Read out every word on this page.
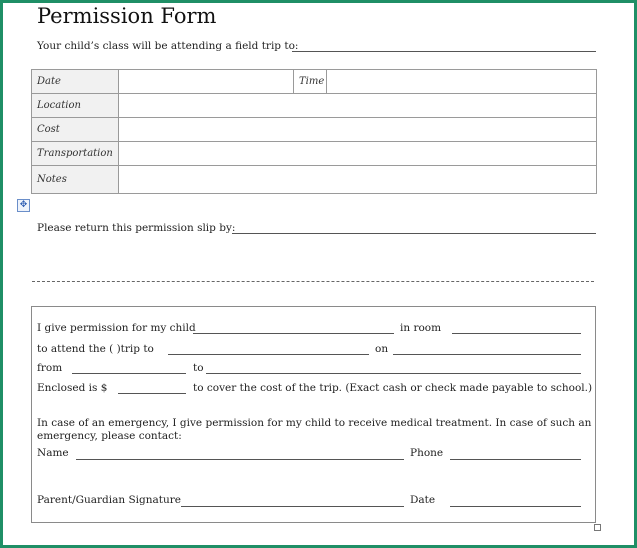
Permission Form
Your child’s class will be attending a field trip to:
Date		Time	
Location			
Cost			
Transportation			
Notes			
✥
Please return this permission slip by:
I give permission for my child	in room
to attend the ( )trip to	on
from	to
Enclosed is $	to cover the cost of the trip. (Exact cash or check made payable to school.)
In case of an emergency, I give permission for my child to receive medical treatment. In case of such an
emergency, please contact:
Name	Phone
Parent/Guardian Signature	Date
